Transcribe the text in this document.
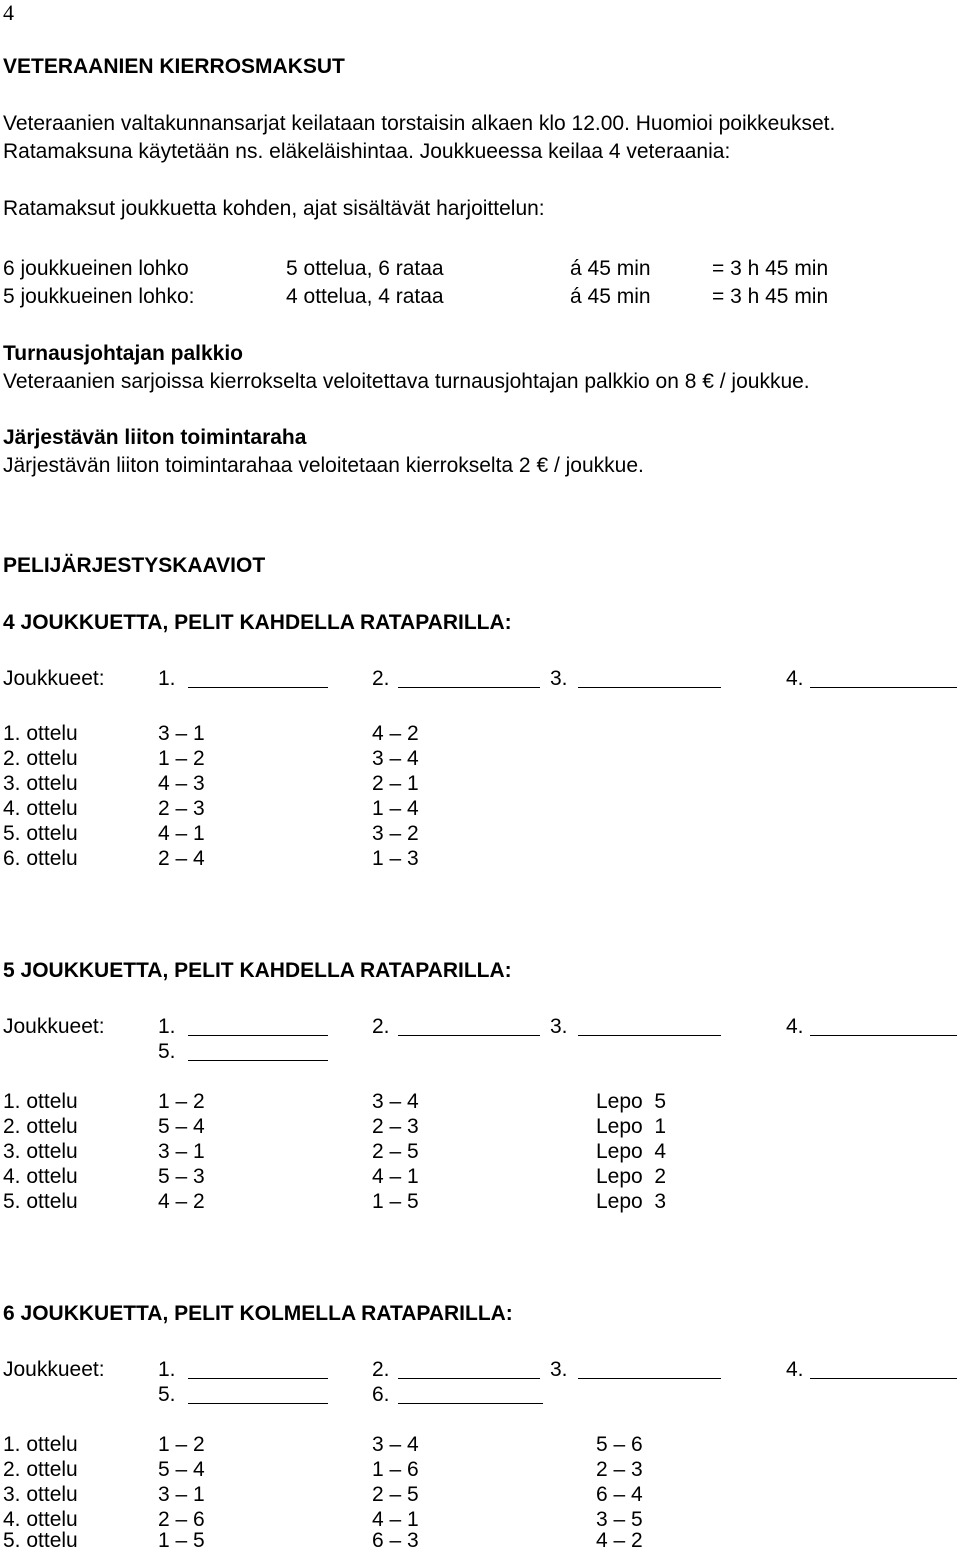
4
VETERAANIEN KIERROSMAKSUT
Veteraanien valtakunnansarjat keilataan torstaisin alkaen klo 12.00. Huomioi poikkeukset.
Ratamaksuna käytetään ns. eläkeläishintaa. Joukkueessa keilaa 4 veteraania:
Ratamaksut joukkuetta kohden, ajat sisältävät harjoittelun:
6 joukkueinen lohko	5 ottelua, 6 rataa	á 45 min	= 3 h 45 min
5 joukkueinen lohko:	4 ottelua, 4 rataa	á 45 min	= 3 h 45 min
Turnausjohtajan palkkio
Veteraanien sarjoissa kierrokselta veloitettava turnausjohtajan palkkio on 8 € / joukkue.
Järjestävän liiton toimintaraha
Järjestävän liiton toimintarahaa veloitetaan kierrokselta 2 € / joukkue.
PELIJÄRJESTYSKAAVIOT
4 JOUKKUETTA, PELIT KAHDELLA RATAPARILLA:
Joukkueet:	1.	2.	3.	4.
1. ottelu	3 – 1	4 – 2
2. ottelu	1 – 2	3 – 4
3. ottelu	4 – 3	2 – 1
4. ottelu	2 – 3	1 – 4
5. ottelu	4 – 1	3 – 2
6. ottelu	2 – 4	1 – 3
5 JOUKKUETTA, PELIT KAHDELLA RATAPARILLA:
Joukkueet:	1.	2.	3.	4.
5.
1. ottelu	1 – 2	3 – 4	Lepo  5
2. ottelu	5 – 4	2 – 3	Lepo  1
3. ottelu	3 – 1	2 – 5	Lepo  4
4. ottelu	5 – 3	4 – 1	Lepo  2
5. ottelu	4 – 2	1 – 5	Lepo  3
6 JOUKKUETTA, PELIT KOLMELLA RATAPARILLA:
Joukkueet:	1.	2.	3.	4.
5.	6.
1. ottelu	1 – 2	3 – 4	5 – 6
2. ottelu	5 – 4	1 – 6	2 – 3
3. ottelu	3 – 1	2 – 5	6 – 4
4. ottelu	2 – 6	4 – 1	3 – 5
5. ottelu	1 – 5	6 – 3	4 – 2
